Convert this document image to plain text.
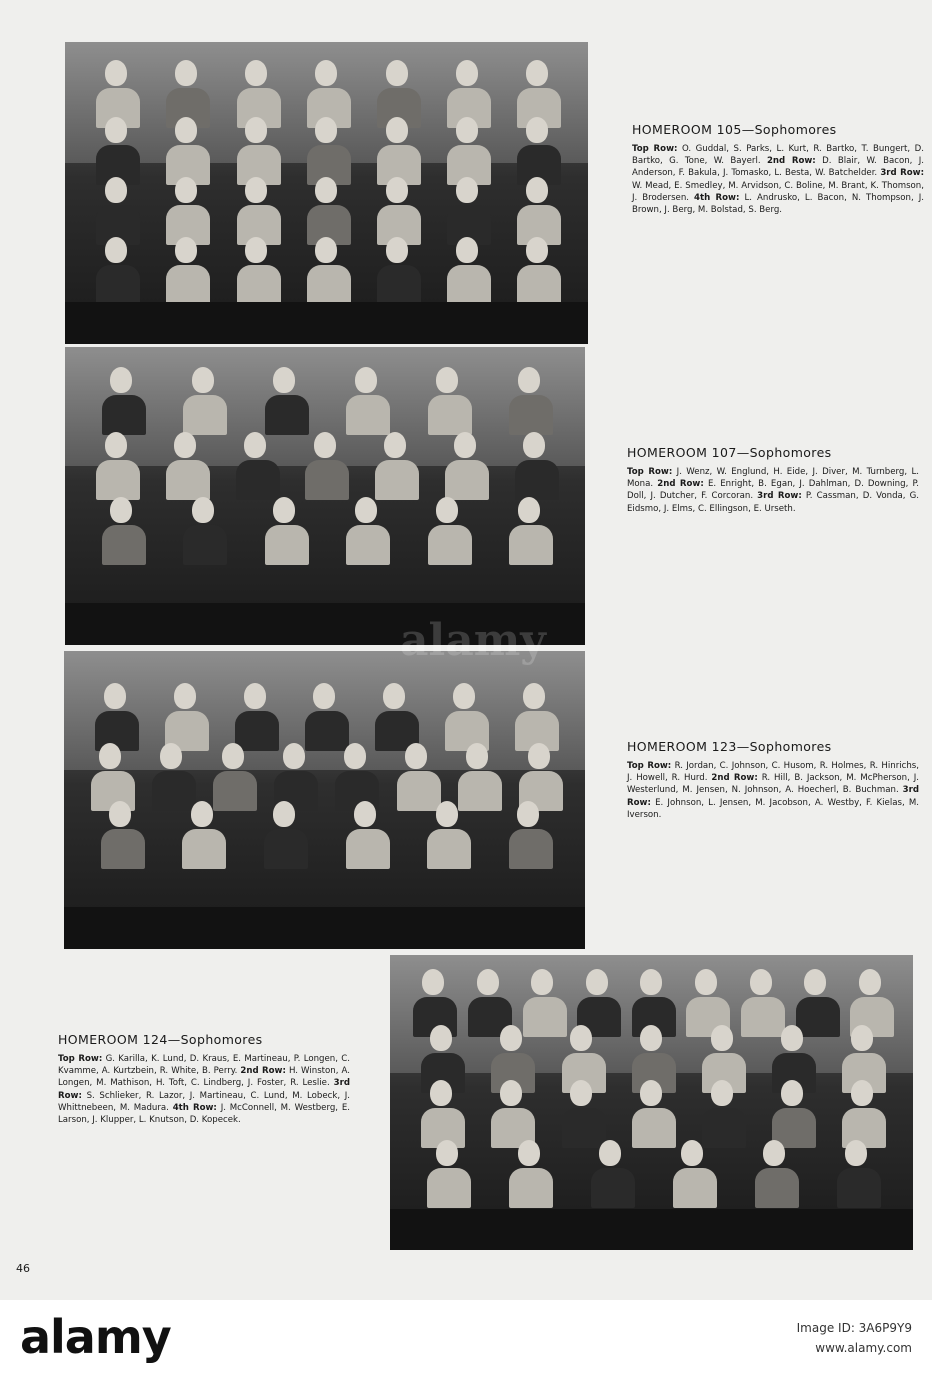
alamy
HOMEROOM 105—Sophomores

Top Row: O. Guddal, S. Parks, L. Kurt, R. Bartko, T. Bungert, D. Bartko, G. Tone, W. Bayerl. 2nd Row: D. Blair, W. Bacon, J. Anderson, F. Bakula, J. Tomasko, L. Besta, W. Batchelder. 3rd Row: W. Mead, E. Smedley, M. Arvidson, C. Boline, M. Brant, K. Thomson, J. Brodersen. 4th Row: L. Andrusko, L. Bacon, N. Thompson, J. Brown, J. Berg, M. Bolstad, S. Berg.

HOMEROOM 107—Sophomores

Top Row: J. Wenz, W. Englund, H. Eide, J. Diver, M. Turnberg, L. Mona. 2nd Row: E. Enright, B. Egan, J. Dahlman, D. Downing, P. Doll, J. Dutcher, F. Corcoran. 3rd Row: P. Cassman, D. Vonda, G. Eidsmo, J. Elms, C. Ellingson, E. Urseth.

HOMEROOM 123—Sophomores

Top Row: R. Jordan, C. Johnson, C. Husom, R. Holmes, R. Hinrichs, J. Howell, R. Hurd. 2nd Row: R. Hill, B. Jackson, M. McPherson, J. Westerlund, M. Jensen, N. Johnson, A. Hoecherl, B. Buchman. 3rd Row: E. Johnson, L. Jensen, M. Jacobson, A. Westby, F. Kielas, M. Iverson.

HOMEROOM 124—Sophomores

Top Row: G. Karilla, K. Lund, D. Kraus, E. Martineau, P. Longen, C. Kvamme, A. Kurtzbein, R. White, B. Perry. 2nd Row: H. Winston, A. Longen, M. Mathison, H. Toft, C. Lindberg, J. Foster, R. Leslie. 3rd Row: S. Schlieker, R. Lazor, J. Martineau, C. Lund, M. Lobeck, J. Whittnebeen, M. Madura. 4th Row: J. McConnell, M. Westberg, E. Larson, J. Klupper, L. Knutson, D. Kopecek.

46
alamy	Image ID: 3A6P9Y9
www.alamy.com
